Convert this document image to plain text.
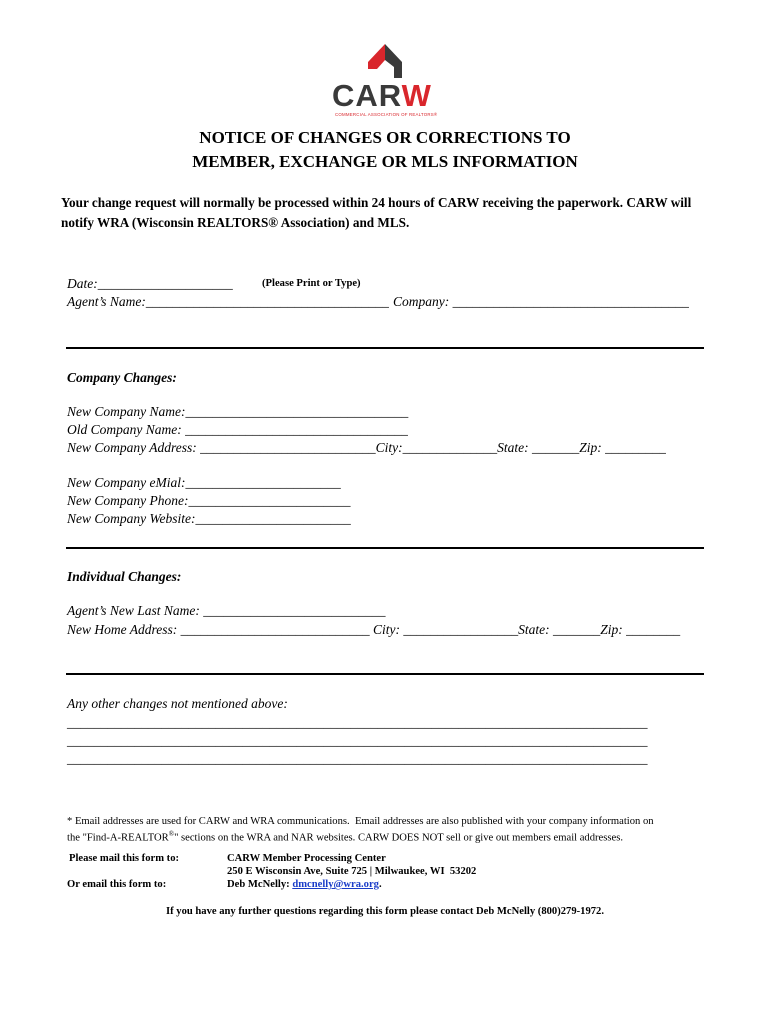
CARW

COMMERCIAL ASSOCIATION OF REALTORS®

NOTICE OF CHANGES OR CORRECTIONS TO
MEMBER, EXCHANGE OR MLS INFORMATION
Your change request will normally be processed within 24 hours of CARW receiving the paperwork. CARW will notify WRA (Wisconsin REALTORS® Association) and MLS.
Date:____________________	(Please Print or Type)
Agent’s Name:____________________________________ Company: ___________________________________
Company Changes:
New Company Name:_________________________________
Old Company Name: _________________________________
New Company Address: __________________________City:______________State: _______Zip: _________
New Company eMial:_______________________
New Company Phone:________________________
New Company Website:_______________________
Individual Changes:
Agent’s New Last Name: ___________________________
New Home Address: ____________________________ City: _________________State: _______Zip: ________
Any other changes not mentioned above:
______________________________________________________________________________________
______________________________________________________________________________________
______________________________________________________________________________________
* Email addresses are used for CARW and WRA communications.  Email addresses are also published with your company information on
the "Find-A-REALTOR®" sections on the WRA and NAR websites. CARW DOES NOT sell or give out members email addresses.
Please mail this form to:
Or email this form to:
CARW Member Processing Center
250 E Wisconsin Ave, Suite 725 | Milwaukee, WI  53202
Deb McNelly: dmcnelly@wra.org.
If you have any further questions regarding this form please contact Deb McNelly (800)279-1972.
